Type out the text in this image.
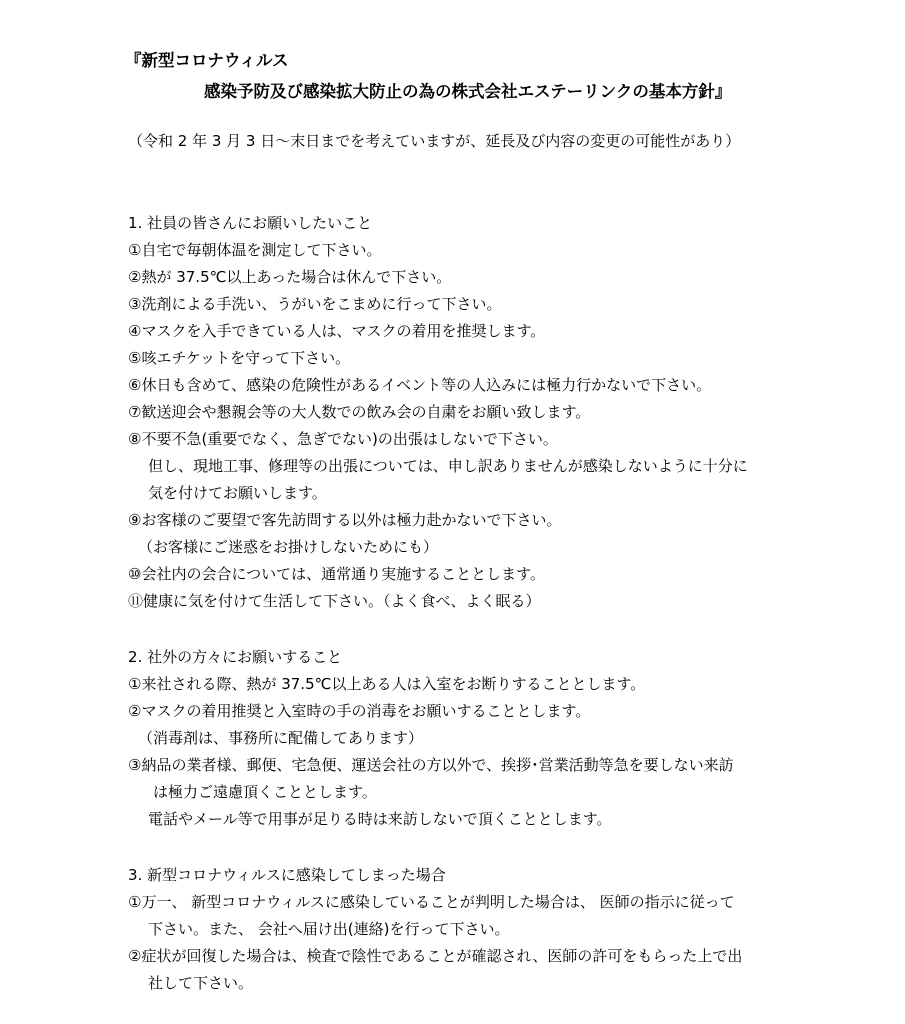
『新型コロナウィルス
感染予防及び感染拡大防止の為の株式会社エステーリンクの基本方針』
（令和 2 年 3 月 3 日～末日までを考えていますが、延長及び内容の変更の可能性があり）
1. 社員の皆さんにお願いしたいこと
①自宅で毎朝体温を測定して下さい。
②熱が 37.5℃以上あった場合は休んで下さい。
③洗剤による手洗い、うがいをこまめに行って下さい。
④マスクを入手できている人は、マスクの着用を推奨します。
⑤咳エチケットを守って下さい。
⑥休日も含めて、感染の危険性があるイベント等の人込みには極力行かないで下さい。
⑦歓送迎会や懇親会等の大人数での飲み会の自粛をお願い致します。
⑧不要不急(重要でなく、急ぎでない)の出張はしないで下さい。
但し、現地工事、修理等の出張については、申し訳ありませんが感染しないように十分に
気を付けてお願いします。
⑨お客様のご要望で客先訪問する以外は極力赴かないで下さい。
（お客様にご迷惑をお掛けしないためにも）
⑩会社内の会合については、通常通り実施することとします。
⑪健康に気を付けて生活して下さい。（よく食べ、よく眠る）
2. 社外の方々にお願いすること
①来社される際、熱が 37.5℃以上ある人は入室をお断りすることとします。
②マスクの着用推奨と入室時の手の消毒をお願いすることとします。
（消毒剤は、事務所に配備してあります）
③納品の業者様、郵便、宅急便、運送会社の方以外で、挨拶･営業活動等急を要しない来訪
は極力ご遠慮頂くこととします。
電話やメール等で用事が足りる時は来訪しないで頂くこととします。
3. 新型コロナウィルスに感染してしまった場合
①万一、 新型コロナウィルスに感染していることが判明した場合は、 医師の指示に従って
下さい。また、 会社へ届け出(連絡)を行って下さい。
②症状が回復した場合は、検査で陰性であることが確認され、医師の許可をもらった上で出
社して下さい。
